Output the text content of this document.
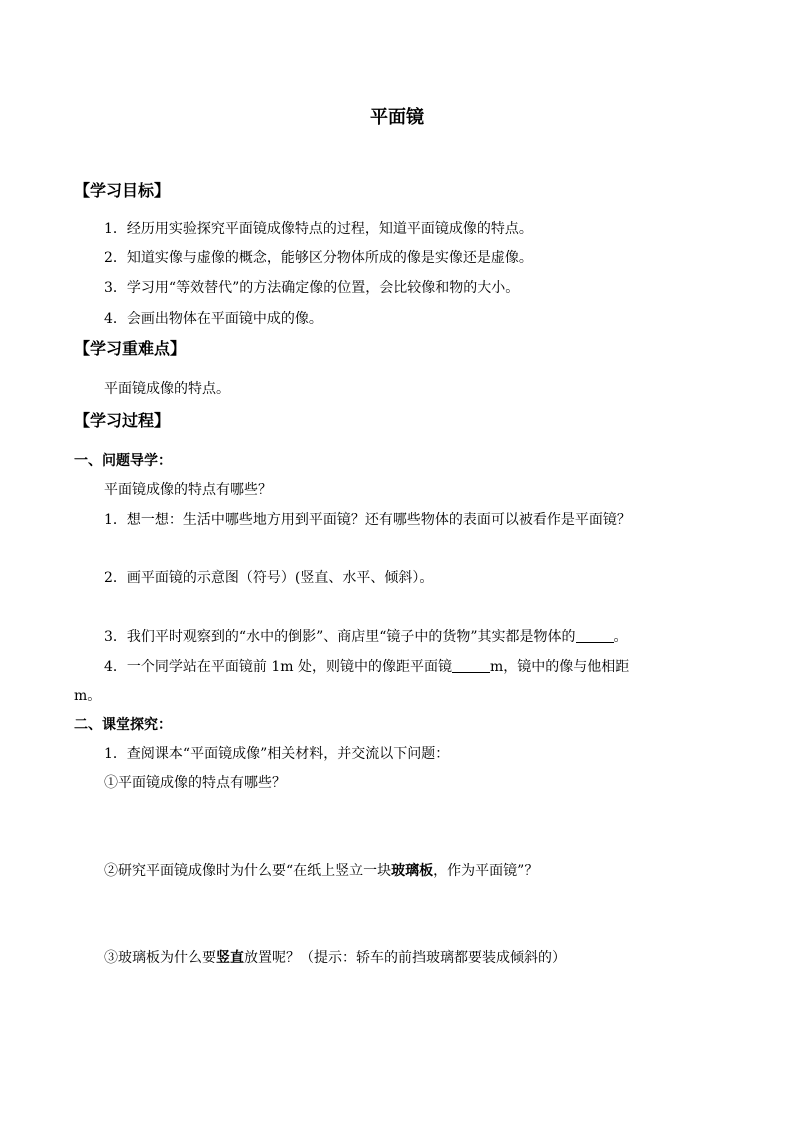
平面镜
【学习目标】
1．经历用实验探究平面镜成像特点的过程，知道平面镜成像的特点。
2．知道实像与虚像的概念，能够区分物体所成的像是实像还是虚像。
3．学习用“等效替代”的方法确定像的位置，会比较像和物的大小。
4．会画出物体在平面镜中成的像。
【学习重难点】
平面镜成像的特点。
【学习过程】
一、问题导学：
平面镜成像的特点有哪些？
1．想一想：生活中哪些地方用到平面镜？还有哪些物体的表面可以被看作是平面镜？
2．画平面镜的示意图（符号）(竖直、水平、倾斜）。
3．我们平时观察到的“水中的倒影”、商店里“镜子中的货物”其实都是物体的	。
4．一个同学站在平面镜前 1m 处，则镜中的像距平面镜	m，镜中的像与他相距
m。
二、课堂探究：
1．查阅课本“平面镜成像”相关材料，并交流以下问题：
①平面镜成像的特点有哪些？
②研究平面镜成像时为什么要“在纸上竖立一块玻璃板，作为平面镜”？
③玻璃板为什么要竖直放置呢？（提示：轿车的前挡玻璃都要装成倾斜的）
